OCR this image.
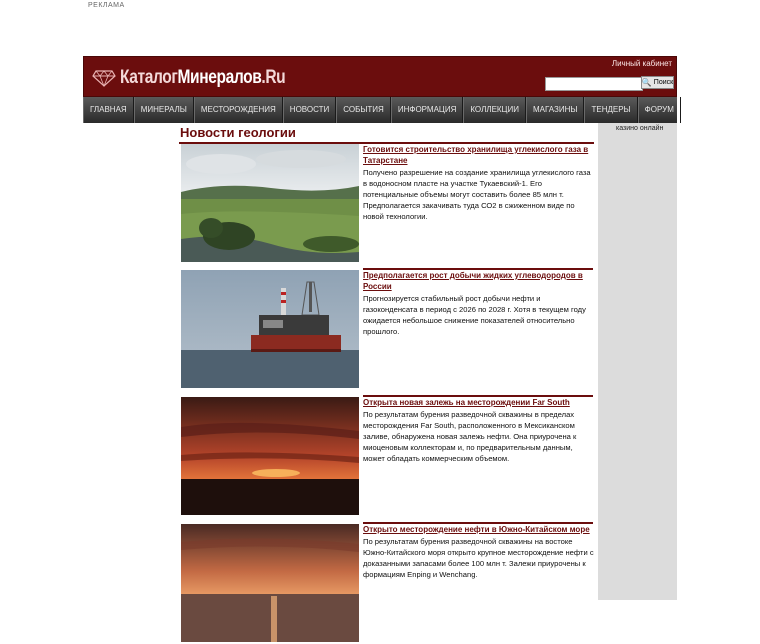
РЕКЛАМА
КаталогМинералов.Ru
Личный кабинет
🔍 Поиск
ГЛАВНАЯ	МИНЕРАЛЫ	МЕСТОРОЖДЕНИЯ	НОВОСТИ	СОБЫТИЯ	ИНФОРМАЦИЯ	КОЛЛЕКЦИИ	МАГАЗИНЫ	ТЕНДЕРЫ	ФОРУМ
казино онлайн
Новости геологии
Готовится строительство хранилища углекислого газа в Татарстане
Получено разрешение на создание хранилища углекислого газа в водоносном пласте на участке Тукаевский-1. Его потенциальные объемы могут составить более 85 млн т. Предполагается закачивать туда СО2 в сжиженном виде по новой технологии.
Предполагается рост добычи жидких углеводородов в России
Прогнозируется стабильный рост добычи нефти и газоконденсата в период с 2026 по 2028 г. Хотя в текущем году ожидается небольшое снижение показателей относительно прошлого.
Открыта новая залежь на месторождении Far South
По результатам бурения разведочной скважины в пределах месторождения Far South, расположенного в Мексиканском заливе, обнаружена новая залежь нефти. Она приурочена к миоценовым коллекторам и, по предварительным данным, может обладать коммерческим объемом.
Открыто месторождение нефти в Южно-Китайском море
По результатам бурения разведочной скважины на востоке Южно-Китайского моря открыто крупное месторождение нефти с доказанными запасами более 100 млн т. Залежи приурочены к формациям Enping и Wenchang.
